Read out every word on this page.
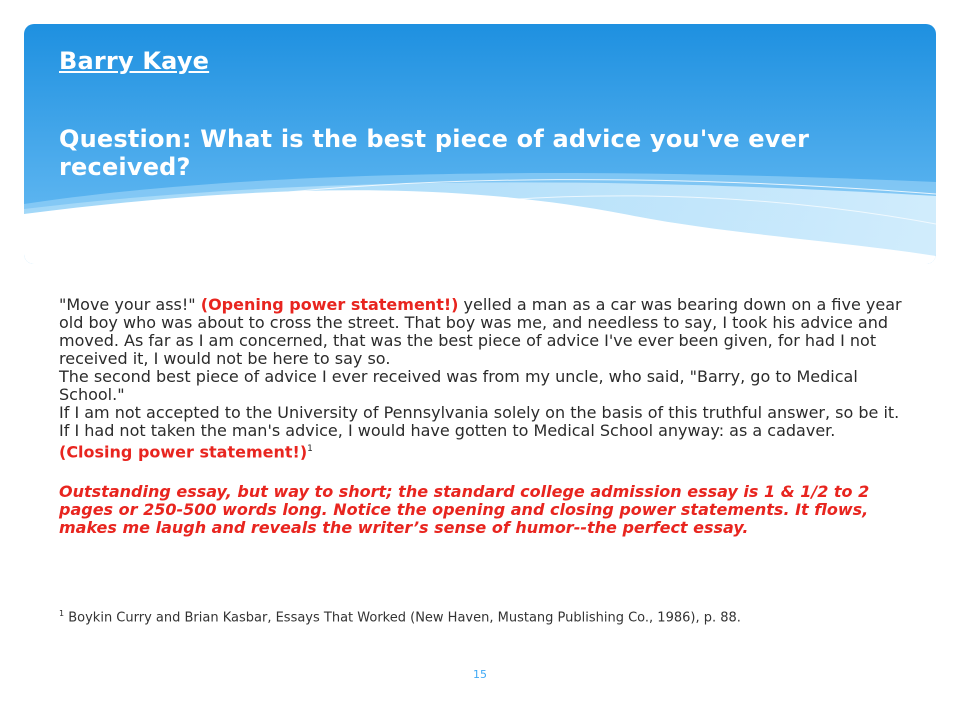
Barry Kaye
Question: What is the best piece of advice you've ever received?

"Move your ass!" (Opening power statement!) yelled a man as a car was bearing down on a five year old boy who was about to cross the street. That boy was me, and needless to say, I took his advice and moved. As far as I am concerned, that was the best piece of advice I've ever been given, for had I not received it, I would not be here to say so.

The second best piece of advice I ever received was from my uncle, who said, "Barry, go to Medical School."

If I am not accepted to the University of Pennsylvania solely on the basis of this truthful answer, so be it. If I had not taken the man's advice, I would have gotten to Medical School anyway: as a cadaver. (Closing power statement!)$^1$

Outstanding essay, but way to short; the standard college admission essay is 1 & 1/2 to 2 pages or 250-500 words long. Notice the opening and closing power statements. It flows, makes me laugh and reveals the writer’s sense of humor--the perfect essay.

$^1$ Boykin Curry and Brian Kasbar, Essays That Worked (New Haven, Mustang Publishing Co., 1986), p. 88.
15
